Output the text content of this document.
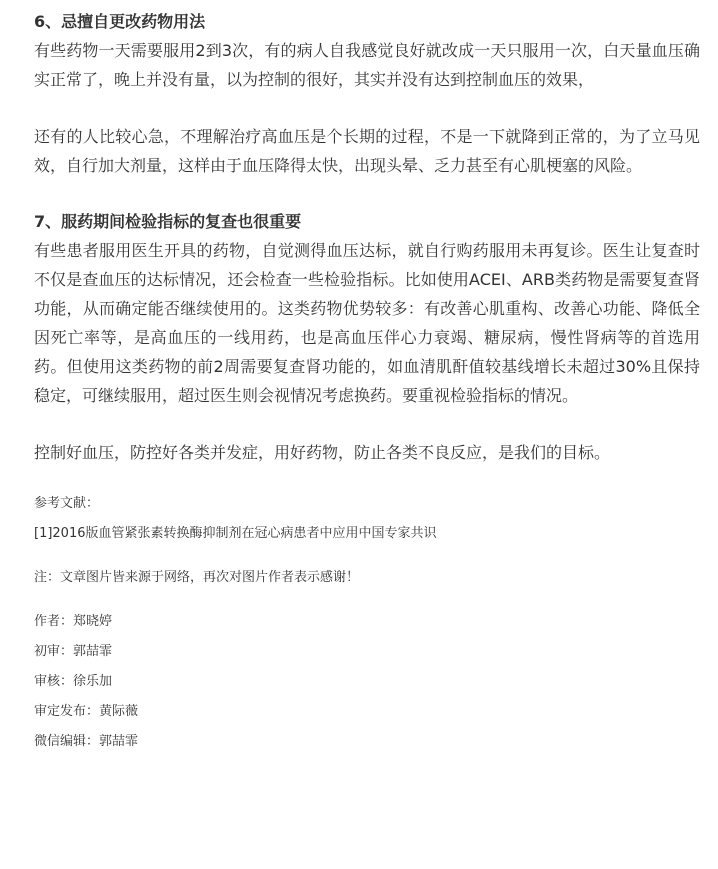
6、忌擅自更改药物用法

有些药物一天需要服用2到3次，有的病人自我感觉良好就改成一天只服用一次，白天量血压确实正常了，晚上并没有量，以为控制的很好，其实并没有达到控制血压的效果，

还有的人比较心急，不理解治疗高血压是个长期的过程，不是一下就降到正常的，为了立马见效，自行加大剂量，这样由于血压降得太快，出现头晕、乏力甚至有心肌梗塞的风险。

7、服药期间检验指标的复查也很重要

有些患者服用医生开具的药物，自觉测得血压达标，就自行购药服用未再复诊。医生让复查时不仅是查血压的达标情况，还会检查一些检验指标。比如使用ACEI、ARB类药物是需要复查肾功能，从而确定能否继续使用的。这类药物优势较多：有改善心肌重构、改善心功能、降低全因死亡率等，是高血压的一线用药，也是高血压伴心力衰竭、糖尿病，慢性肾病等的首选用药。但使用这类药物的前2周需要复查肾功能的，如血清肌酐值较基线增长未超过30%且保持稳定，可继续服用，超过医生则会视情况考虑换药。要重视检验指标的情况。

控制好血压，防控好各类并发症，用好药物，防止各类不良反应，是我们的目标。

参考文献：

[1]2016版血管紧张素转换酶抑制剂在冠心病患者中应用中国专家共识

注：文章图片皆来源于网络，再次对图片作者表示感谢！

作者：郑晓婷

初审：郭喆霏

审核：徐乐加

审定发布：黄际薇

微信编辑：郭喆霏
